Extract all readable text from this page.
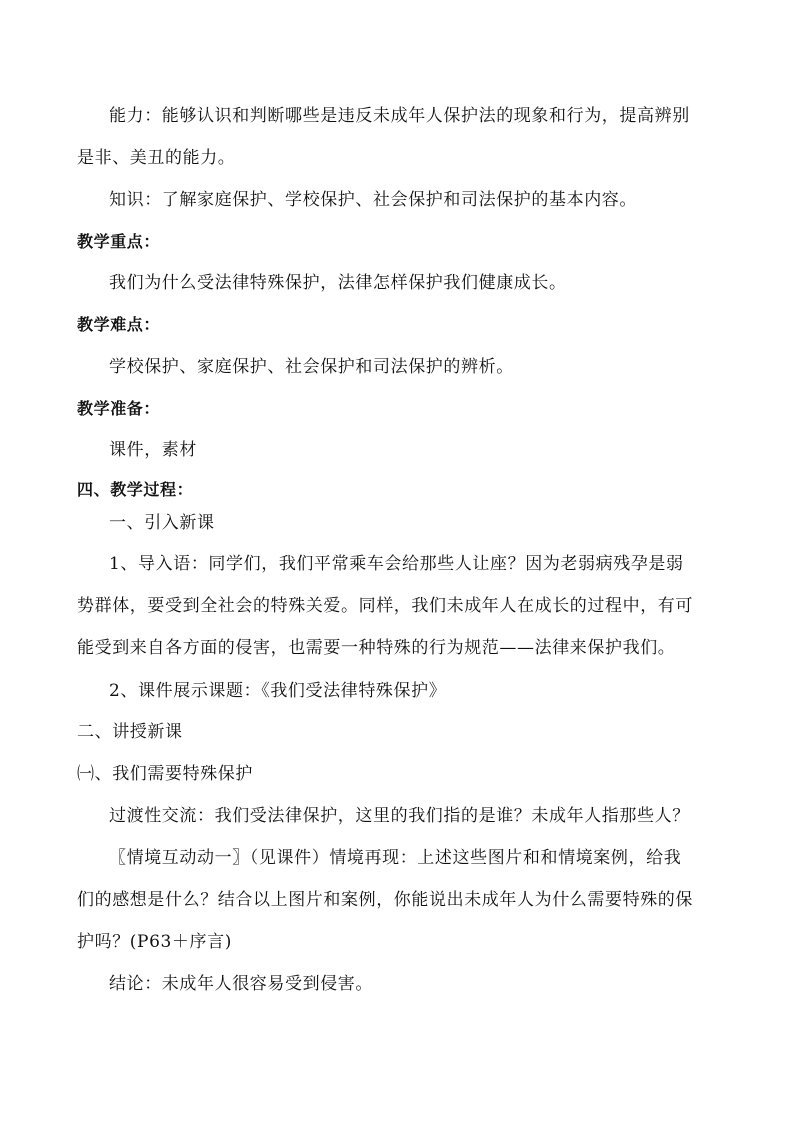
能力：能够认识和判断哪些是违反未成年人保护法的现象和行为，提高辨别
是非、美丑的能力。
知识：了解家庭保护、学校保护、社会保护和司法保护的基本内容。
教学重点：
我们为什么受法律特殊保护，法律怎样保护我们健康成长。
教学难点：
学校保护、家庭保护、社会保护和司法保护的辨析。
教学准备：
课件，素材
四、教学过程：
一、引入新课
1、导入语：同学们，我们平常乘车会给那些人让座？因为老弱病残孕是弱
势群体，要受到全社会的特殊关爱。同样，我们未成年人在成长的过程中，有可
能受到来自各方面的侵害，也需要一种特殊的行为规范——法律来保护我们。
2、课件展示课题：《我们受法律特殊保护》
二、讲授新课
㈠、我们需要特殊保护
过渡性交流：我们受法律保护，这里的我们指的是谁？未成年人指那些人？
〖情境互动动一〗（见课件）情境再现：上述这些图片和和情境案例，给我
们的感想是什么？结合以上图片和案例，你能说出未成年人为什么需要特殊的保
护吗？(P63＋序言)
结论：未成年人很容易受到侵害。
